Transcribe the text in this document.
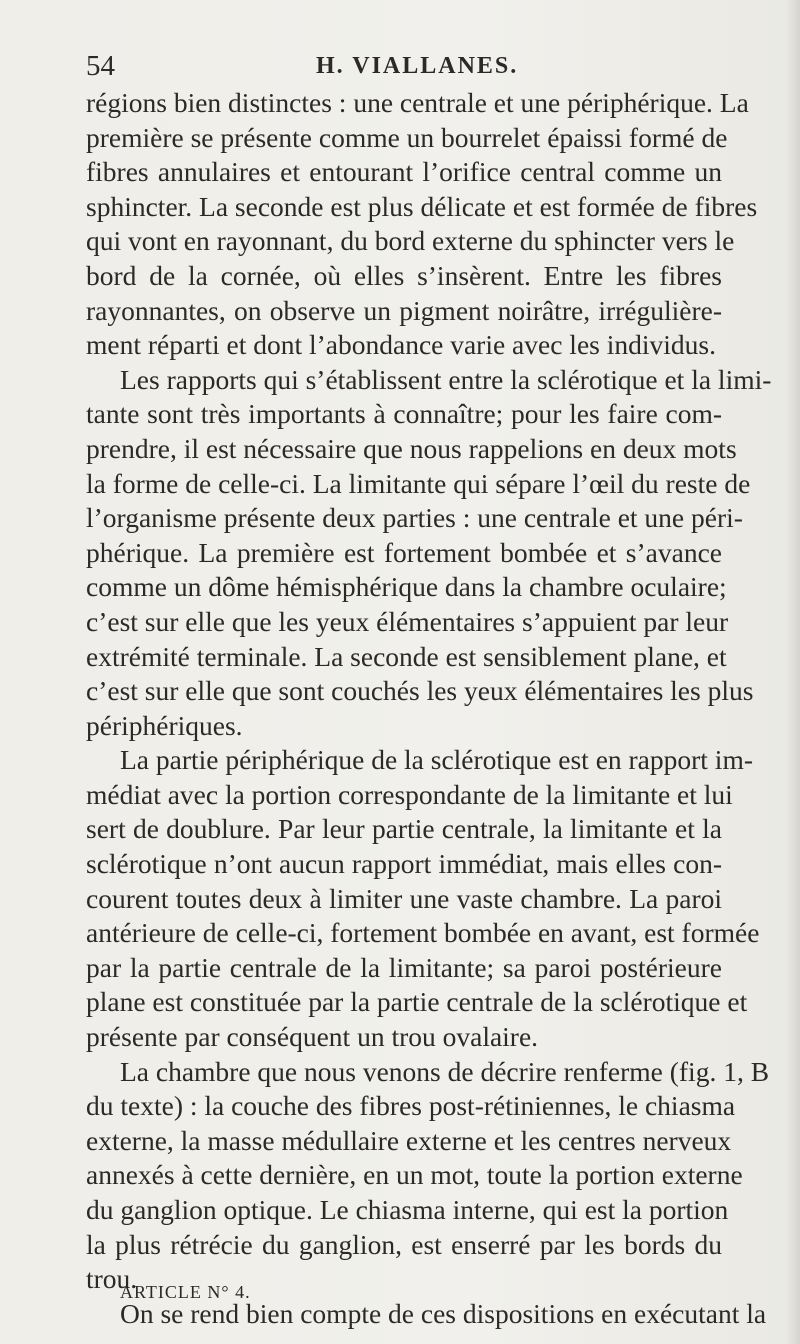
54	H. VIALLANES.
régions bien distinctes : une centrale et une périphérique. La
première se présente comme un bourrelet épaissi formé de
fibres annulaires et entourant l’orifice central comme un
sphincter. La seconde est plus délicate et est formée de fibres
qui vont en rayonnant, du bord externe du sphincter vers le
bord de la cornée, où elles s’insèrent. Entre les fibres
rayonnantes, on observe un pigment noirâtre, irrégulière-
ment réparti et dont l’abondance varie avec les individus.
Les rapports qui s’établissent entre la sclérotique et la limi-
tante sont très importants à connaître; pour les faire com-
prendre, il est nécessaire que nous rappelions en deux mots
la forme de celle-ci. La limitante qui sépare l’œil du reste de
l’organisme présente deux parties : une centrale et une péri-
phérique. La première est fortement bombée et s’avance
comme un dôme hémisphérique dans la chambre oculaire;
c’est sur elle que les yeux élémentaires s’appuient par leur
extrémité terminale. La seconde est sensiblement plane, et
c’est sur elle que sont couchés les yeux élémentaires les plus
périphériques.
La partie périphérique de la sclérotique est en rapport im-
médiat avec la portion correspondante de la limitante et lui
sert de doublure. Par leur partie centrale, la limitante et la
sclérotique n’ont aucun rapport immédiat, mais elles con-
courent toutes deux à limiter une vaste chambre. La paroi
antérieure de celle-ci, fortement bombée en avant, est formée
par la partie centrale de la limitante; sa paroi postérieure
plane est constituée par la partie centrale de la sclérotique et
présente par conséquent un trou ovalaire.
La chambre que nous venons de décrire renferme (fig. 1, B
du texte) : la couche des fibres post-rétiniennes, le chiasma
externe, la masse médullaire externe et les centres nerveux
annexés à cette dernière, en un mot, toute la portion externe
du ganglion optique. Le chiasma interne, qui est la portion
la plus rétrécie du ganglion, est enserré par les bords du
trou.
On se rend bien compte de ces dispositions en exécutant la
ARTICLE N° 4.
